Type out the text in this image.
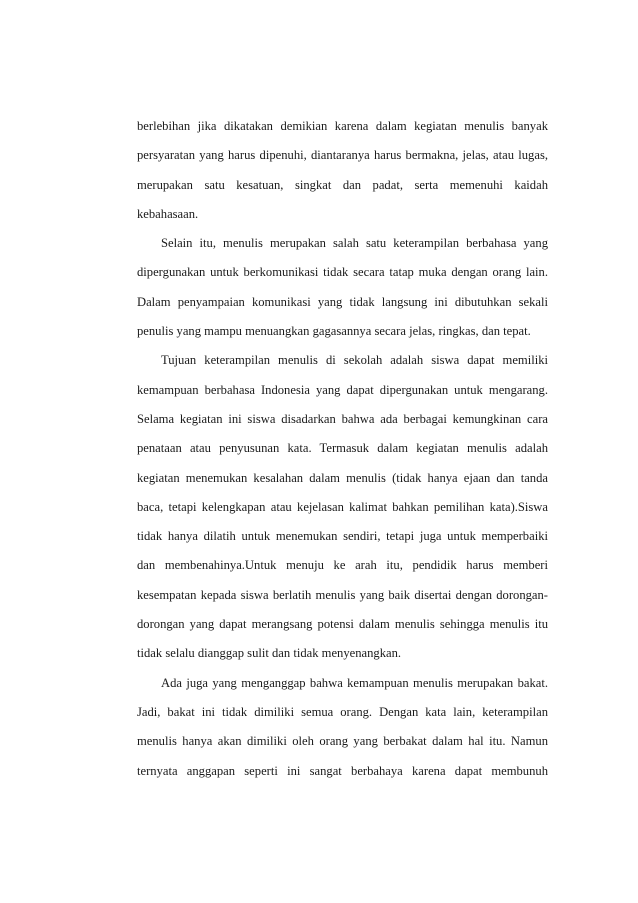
berlebihan jika dikatakan demikian karena dalam kegiatan menulis banyak
persyaratan yang harus dipenuhi, diantaranya harus bermakna, jelas, atau lugas,
merupakan satu kesatuan, singkat dan padat, serta memenuhi kaidah
kebahasaan.
Selain itu, menulis merupakan salah satu keterampilan berbahasa yang
dipergunakan untuk berkomunikasi tidak secara tatap muka dengan orang lain.
Dalam penyampaian komunikasi yang tidak langsung ini dibutuhkan sekali
penulis yang mampu menuangkan gagasannya secara jelas, ringkas, dan tepat.
Tujuan keterampilan menulis di sekolah adalah siswa dapat memiliki
kemampuan berbahasa Indonesia yang dapat dipergunakan untuk mengarang.
Selama kegiatan ini siswa disadarkan bahwa ada berbagai kemungkinan cara
penataan atau penyusunan kata. Termasuk dalam kegiatan menulis adalah
kegiatan menemukan kesalahan dalam menulis (tidak hanya ejaan dan tanda
baca, tetapi kelengkapan atau kejelasan kalimat bahkan pemilihan kata).Siswa
tidak hanya dilatih untuk menemukan sendiri, tetapi juga untuk memperbaiki
dan membenahinya.Untuk menuju ke arah itu, pendidik harus memberi
kesempatan kepada siswa berlatih menulis yang baik disertai dengan dorongan-
dorongan yang dapat merangsang potensi dalam menulis sehingga menulis itu
tidak selalu dianggap sulit dan tidak menyenangkan.
Ada juga yang menganggap bahwa kemampuan menulis merupakan bakat.
Jadi, bakat ini tidak dimiliki semua orang. Dengan kata lain, keterampilan
menulis hanya akan dimiliki oleh orang yang berbakat dalam hal itu. Namun
ternyata anggapan seperti ini sangat berbahaya karena dapat membunuh
